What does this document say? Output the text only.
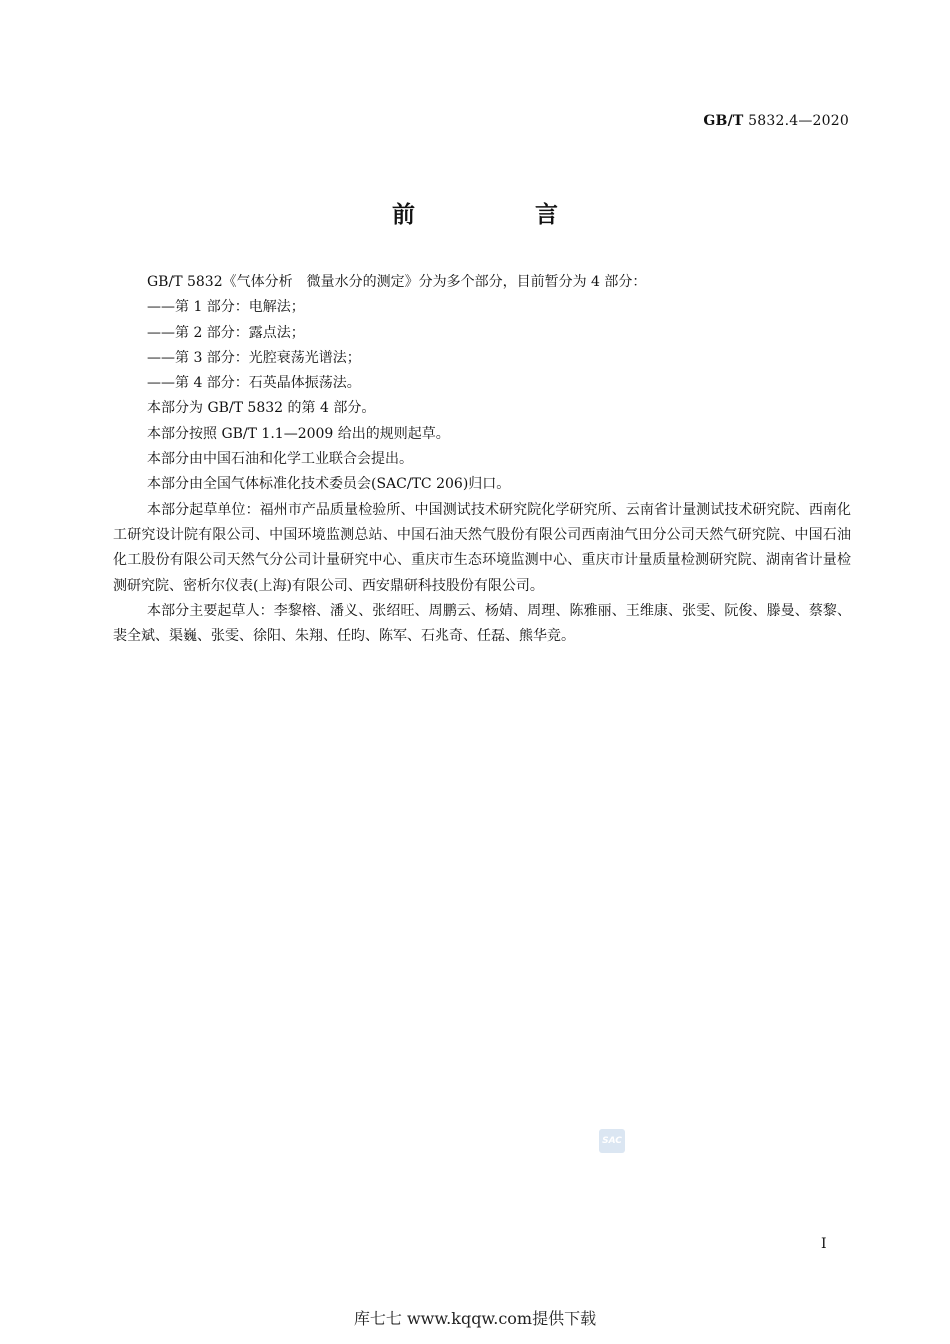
GB/T 5832.4—2020
前 言

GB/T 5832《气体分析　微量水分的测定》分为多个部分，目前暂分为 4 部分：

——第 1 部分：电解法；

——第 2 部分：露点法；

——第 3 部分：光腔衰荡光谱法；

——第 4 部分：石英晶体振荡法。

本部分为 GB/T 5832 的第 4 部分。

本部分按照 GB/T 1.1—2009 给出的规则起草。

本部分由中国石油和化学工业联合会提出。

本部分由全国气体标准化技术委员会(SAC/TC 206)归口。

本部分起草单位：福州市产品质量检验所、中国测试技术研究院化学研究所、云南省计量测试技术研究院、西南化工研究设计院有限公司、中国环境监测总站、中国石油天然气股份有限公司西南油气田分公司天然气研究院、中国石油化工股份有限公司天然气分公司计量研究中心、重庆市生态环境监测中心、重庆市计量质量检测研究院、湖南省计量检测研究院、密析尔仪表(上海)有限公司、西安鼎研科技股份有限公司。

本部分主要起草人：李黎榕、潘义、张绍旺、周鹏云、杨婧、周理、陈雅丽、王维康、张雯、阮俊、滕曼、蔡黎、裴全斌、渠巍、张雯、徐阳、朱翔、任昀、陈军、石兆奇、任磊、熊华竞。

SAC
I
库七七 www.kqqw.com提供下载
